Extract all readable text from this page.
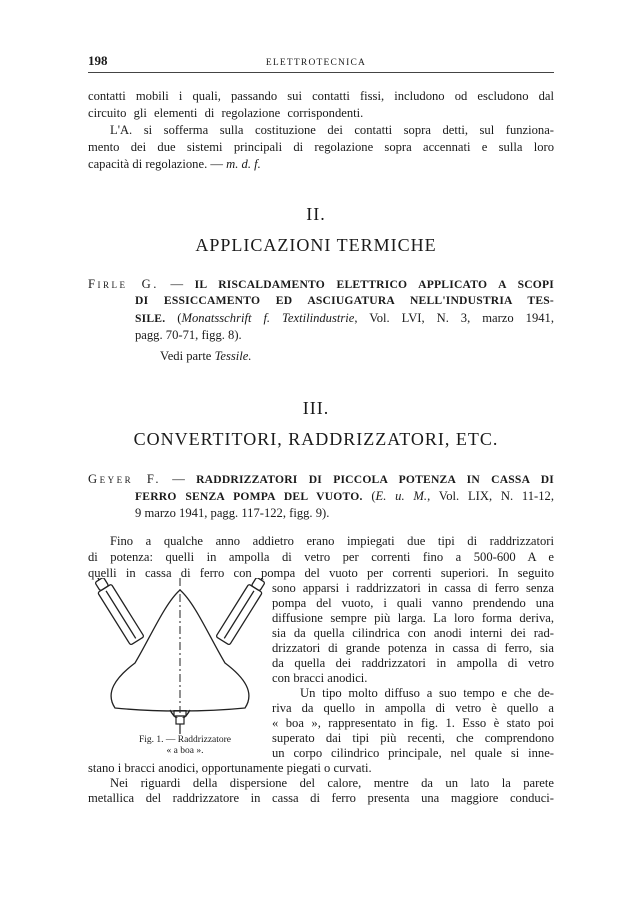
198	ELETTROTECNICA
contatti mobili i quali, passando sui contatti fissi, includono od escludono dal
circuito gli elementi di regolazione corrispondenti.
L'A. si sofferma sulla costituzione dei contatti sopra detti, sul funziona-
mento dei due sistemi principali di regolazione sopra accennati e sulla loro
capacità di regolazione. — m. d. f.
II.
APPLICAZIONI TERMICHE
Firle G. — IL RISCALDAMENTO ELETTRICO APPLICATO A SCOPI
DI ESSICCAMENTO ED ASCIUGATURA NELL'INDUSTRIA TES-
SILE. (Monatsschrift f. Textilindustrie, Vol. LVI, N. 3, marzo 1941,
pagg. 70-71, figg. 8).
Vedi parte Tessile.
III.
CONVERTITORI, RADDRIZZATORI, ETC.
Geyer F. — RADDRIZZATORI DI PICCOLA POTENZA IN CASSA DI
FERRO SENZA POMPA DEL VUOTO. (E. u. M., Vol. LIX, N. 11-12,
9 marzo 1941, pagg. 117-122, figg. 9).
Fino a qualche anno addietro erano impiegati due tipi di raddrizzatori
di potenza: quelli in ampolla di vetro per correnti fino a 500-600 A e
quelli in cassa di ferro con pompa del vuoto per correnti superiori. In seguito
sono apparsi i raddrizzatori in cassa di ferro senza
pompa del vuoto, i quali vanno prendendo una
diffusione sempre più larga. La loro forma deriva,
sia da quella cilindrica con anodi interni dei rad-
drizzatori di grande potenza in cassa di ferro, sia
da quella dei raddrizzatori in ampolla di vetro
con bracci anodici.
Un tipo molto diffuso a suo tempo e che de-
riva da quello in ampolla di vetro è quello a
« boa », rappresentato in fig. 1. Esso è stato poi
superato dai tipi più recenti, che comprendono
un corpo cilindrico principale, nel quale si inne-
stano i bracci anodici, opportunamente piegati o curvati.
Nei riguardi della dispersione del calore, mentre da un lato la parete
metallica del raddrizzatore in cassa di ferro presenta una maggiore conduci-
Fig. 1. — Raddrizzatore
« a boa ».
